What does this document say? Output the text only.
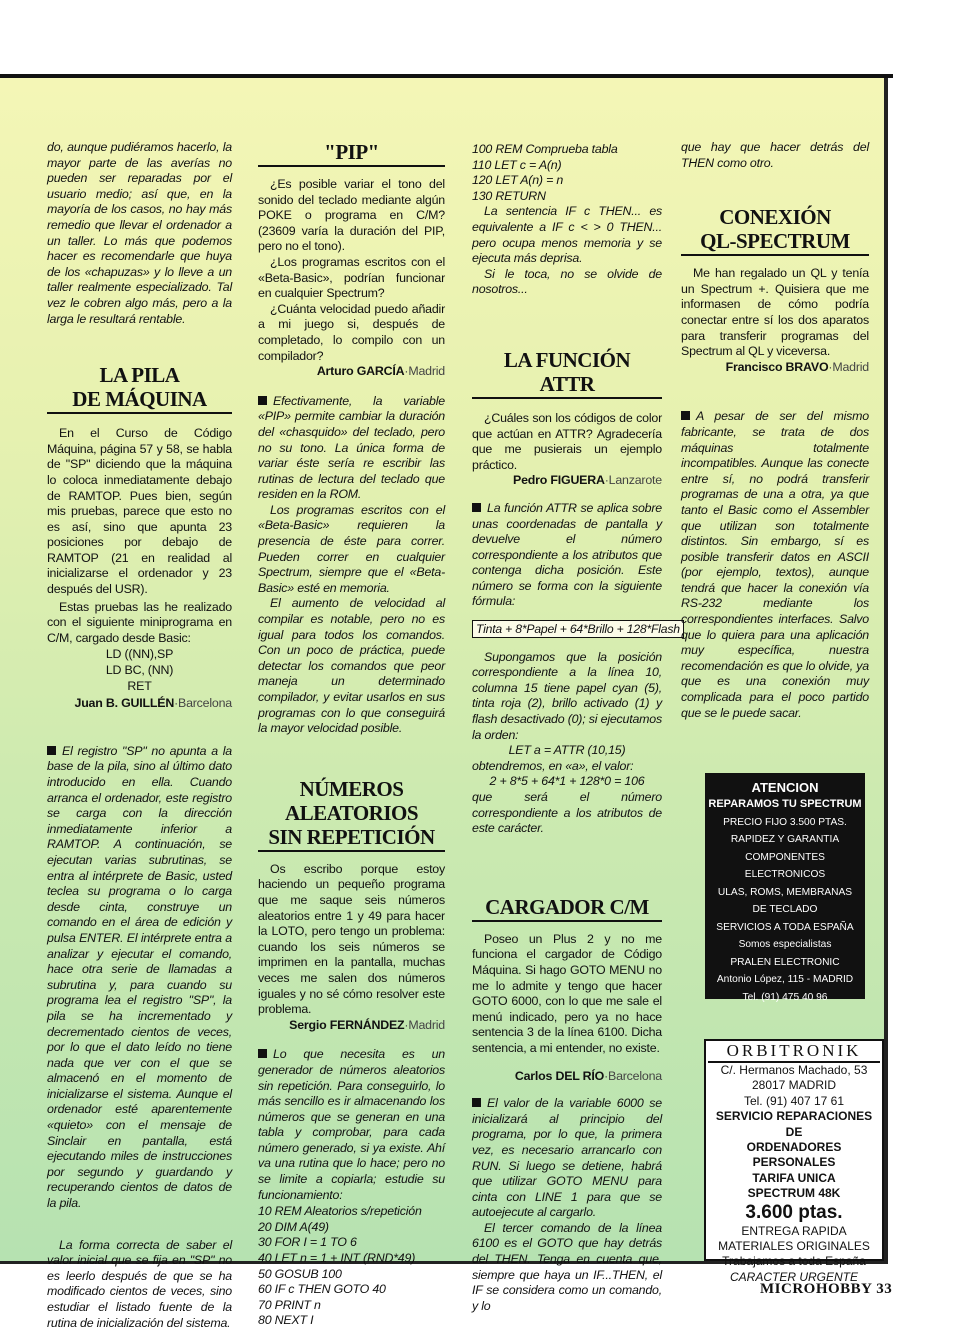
do, aunque pudiéramos hacerlo, la mayor parte de las averías no pueden ser reparadas por el usuario medio; así que, en la mayoría de los casos, no hay más remedio que llevar el ordenador a un taller. Lo más que podemos hacer es recomendarle que huya de los «chapuzas» y lo lleve a un taller realmente especializado. Tal vez le cobren algo más, pero a la larga le resultará rentable.

LA PILA
DE MÁQUINA

En el Curso de Código Máquina, página 57 y 58, se habla de "SP" diciendo que la máquina lo coloca inmediatamente debajo de RAMTOP. Pues bien, según mis pruebas, parece que esto no es así, sino que apunta 23 posiciones por debajo de RAMTOP (21 en realidad al inicializarse el ordenador y 23 después del USR).

Estas pruebas las he realizado con el siguiente miniprograma en C/M, cargado desde Basic:

LD ((NN),SP
LD BC, (NN)
RET
Juan B. GUILLÉN·Barcelona

El registro "SP" no apunta a la base de la pila, sino al último dato introducido en ella. Cuando arranca el ordenador, este registro se carga con la dirección inmediatamente inferior a RAMTOP. A continuación, se ejecutan varias subrutinas, se entra al intérprete de Basic, usted teclea su programa o lo carga desde cinta, construye un comando en el área de edición y pulsa ENTER. El intérprete entra a analizar y ejecutar el comando, hace otra serie de llamadas a subrutina y, para cuando su programa lea el registro "SP", la pila se ha incrementado y decrementado cientos de veces, por lo que el dato leído no tiene nada que ver con el que se almacenó en el momento de inicializarse el sistema. Aunque el ordenador esté aparentemente «quieto» con el mensaje de Sinclair en pantalla, está ejecutando miles de instrucciones por segundo y guardando y recuperando cientos de datos de la pila.

La forma correcta de saber el valor inicial que se fija en "SP" no es leerlo después de que se ha modificado cientos de veces, sino estudiar el listado fuente de la rutina de inicialización del sistema.

"PIP"

¿Es posible variar el tono del sonido del teclado mediante algún POKE o programa en C/M? (23609 varía la duración del PIP, pero no el tono).

¿Los programas escritos con el «Beta-Basic», podrían funcionar en cualquier Spectrum?

¿Cuánta velocidad puedo añadir a mi juego si, después de completado, lo compilo con un compilador?

Arturo GARCÍA·Madrid

Efectivamente, la variable «PIP» permite cambiar la duración del «chasquido» del teclado, pero no su tono. La única forma de variar éste sería re escribir las rutinas de lectura del teclado que residen en la ROM.

Los programas escritos con el «Beta-Basic» requieren la presencia de éste para correr. Pueden correr en cualquier Spectrum, siempre que el «Beta-Basic» esté en memoria.

El aumento de velocidad al compilar es notable, pero no es igual para todos los comandos. Con un poco de práctica, puede detectar los comandos que peor maneja un determinado compilador, y evitar usarlos en sus programas con lo que conseguirá la mayor velocidad posible.

NÚMEROS ALEATORIOS
SIN REPETICIÓN

Os escribo porque estoy haciendo un pequeño programa que me saque seis números aleatorios entre 1 y 49 para hacer la LOTO, pero tengo un problema: cuando los seis números se imprimen en la pantalla, muchas veces me salen dos números iguales y no sé cómo resolver este problema.

Sergio FERNÁNDEZ·Madrid

Lo que necesita es un generador de números aleatorios sin repetición. Para conseguirlo, lo más sencillo es ir almacenando los números que se generan en una tabla y comprobar, para cada número generado, si ya existe. Ahí va una rutina que lo hace; pero no se limite a copiarla; estudie su funcionamiento:

10 REM Aleatorios s/repetición
20 DIM A(49)
30 FOR I = 1 TO 6
40 LET n = 1 + INT (RND*49)
50 GOSUB 100
60 IF c THEN GOTO 40
70 PRINT n
80 NEXT I
100 REM Comprueba tabla
110 LET c = A(n)
120 LET A(n) = n
130 RETURN

La sentencia IF c THEN... es equivalente a IF c < > 0 THEN... pero ocupa menos memoria y se ejecuta más deprisa.

Si le toca, no se olvide de nosotros...

LA FUNCIÓN
ATTR

¿Cuáles son los códigos de color que actúan en ATTR? Agradecería que me pusierais un ejemplo práctico.

Pedro FIGUERA·Lanzarote

La función ATTR se aplica sobre unas coordenadas de pantalla y devuelve el número correspondiente a los atributos que contenga dicha posición. Este número se forma con la siguiente fórmula:

Tinta + 8*Papel + 64*Brillo + 128*Flash

Supongamos que la posición correspondiente a la línea 10, columna 15 tiene papel cyan (5), tinta roja (2), brillo activado (1) y flash desactivado (0); si ejecutamos la orden:

LET a = ATTR (10,15)

obtendremos, en «a», el valor:

2 + 8*5 + 64*1 + 128*0 = 106

que será el número correspondiente a los atributos de este carácter.

CARGADOR C/M

Poseo un Plus 2 y no me funciona el cargador de Código Máquina. Si hago GOTO MENU no me lo admite y tengo que hacer GOTO 6000, con lo que me sale el menú indicado, pero ya no hace sentencia 3 de la línea 6100. Dicha sentencia, a mi entender, no existe.

Carlos DEL RÍO·Barcelona

El valor de la variable 6000 se inicializará al principio del programa, por lo que, la primera vez, es necesario arrancarlo con RUN. Si luego se detiene, habrá que utilizar GOTO MENU para cinta con LINE 1 para que se autoejecute al cargarlo.

El tercer comando de la línea 6100 es el GOTO que hay detrás del THEN. Tenga en cuenta que, siempre que haya un IF...THEN, el IF se considera como un comando, y lo

que hay que hacer detrás del THEN como otro.

CONEXIÓN
QL-SPECTRUM

Me han regalado un QL y tenía un Spectrum +. Quisiera que me informasen de cómo podría conectar entre sí los dos aparatos para transferir programas del Spectrum al QL y viceversa.

Francisco BRAVO·Madrid

A pesar de ser del mismo fabricante, se trata de dos máquinas totalmente incompatibles. Aunque las conecte entre sí, no podrá transferir programas de una a otra, ya que tanto el Basic como el Assembler que utilizan son totalmente distintos. Sin embargo, sí es posible transferir datos en ASCII (por ejemplo, textos), aunque tendrá que hacer la conexión vía RS-232 mediante los correspondientes interfaces. Salvo que lo quiera para una aplicación muy específica, nuestra recomendación es que lo olvide, ya que es una conexión muy complicada para el poco partido que se le puede sacar.

ATENCION
REPARAMOS TU SPECTRUM
PRECIO FIJO 3.500 PTAS.
RAPIDEZ Y GARANTIA
COMPONENTES ELECTRONICOS
ULAS, ROMS, MEMBRANAS
DE TECLADO
SERVICIOS A TODA ESPAÑA
Somos especialistas
PRALEN ELECTRONIC
Antonio López, 115 - MADRID
Tel. (91) 475 40 96
ORBITRONIK
C/. Hermanos Machado, 53
28017 MADRID
Tel. (91) 407 17 61
SERVICIO REPARACIONES DE
ORDENADORES PERSONALES
TARIFA UNICA
SPECTRUM 48K
3.600 ptas.
ENTREGA RAPIDA
MATERIALES ORIGINALES
Trabajamos a toda España
CARACTER URGENTE
MICROHOBBY 33
